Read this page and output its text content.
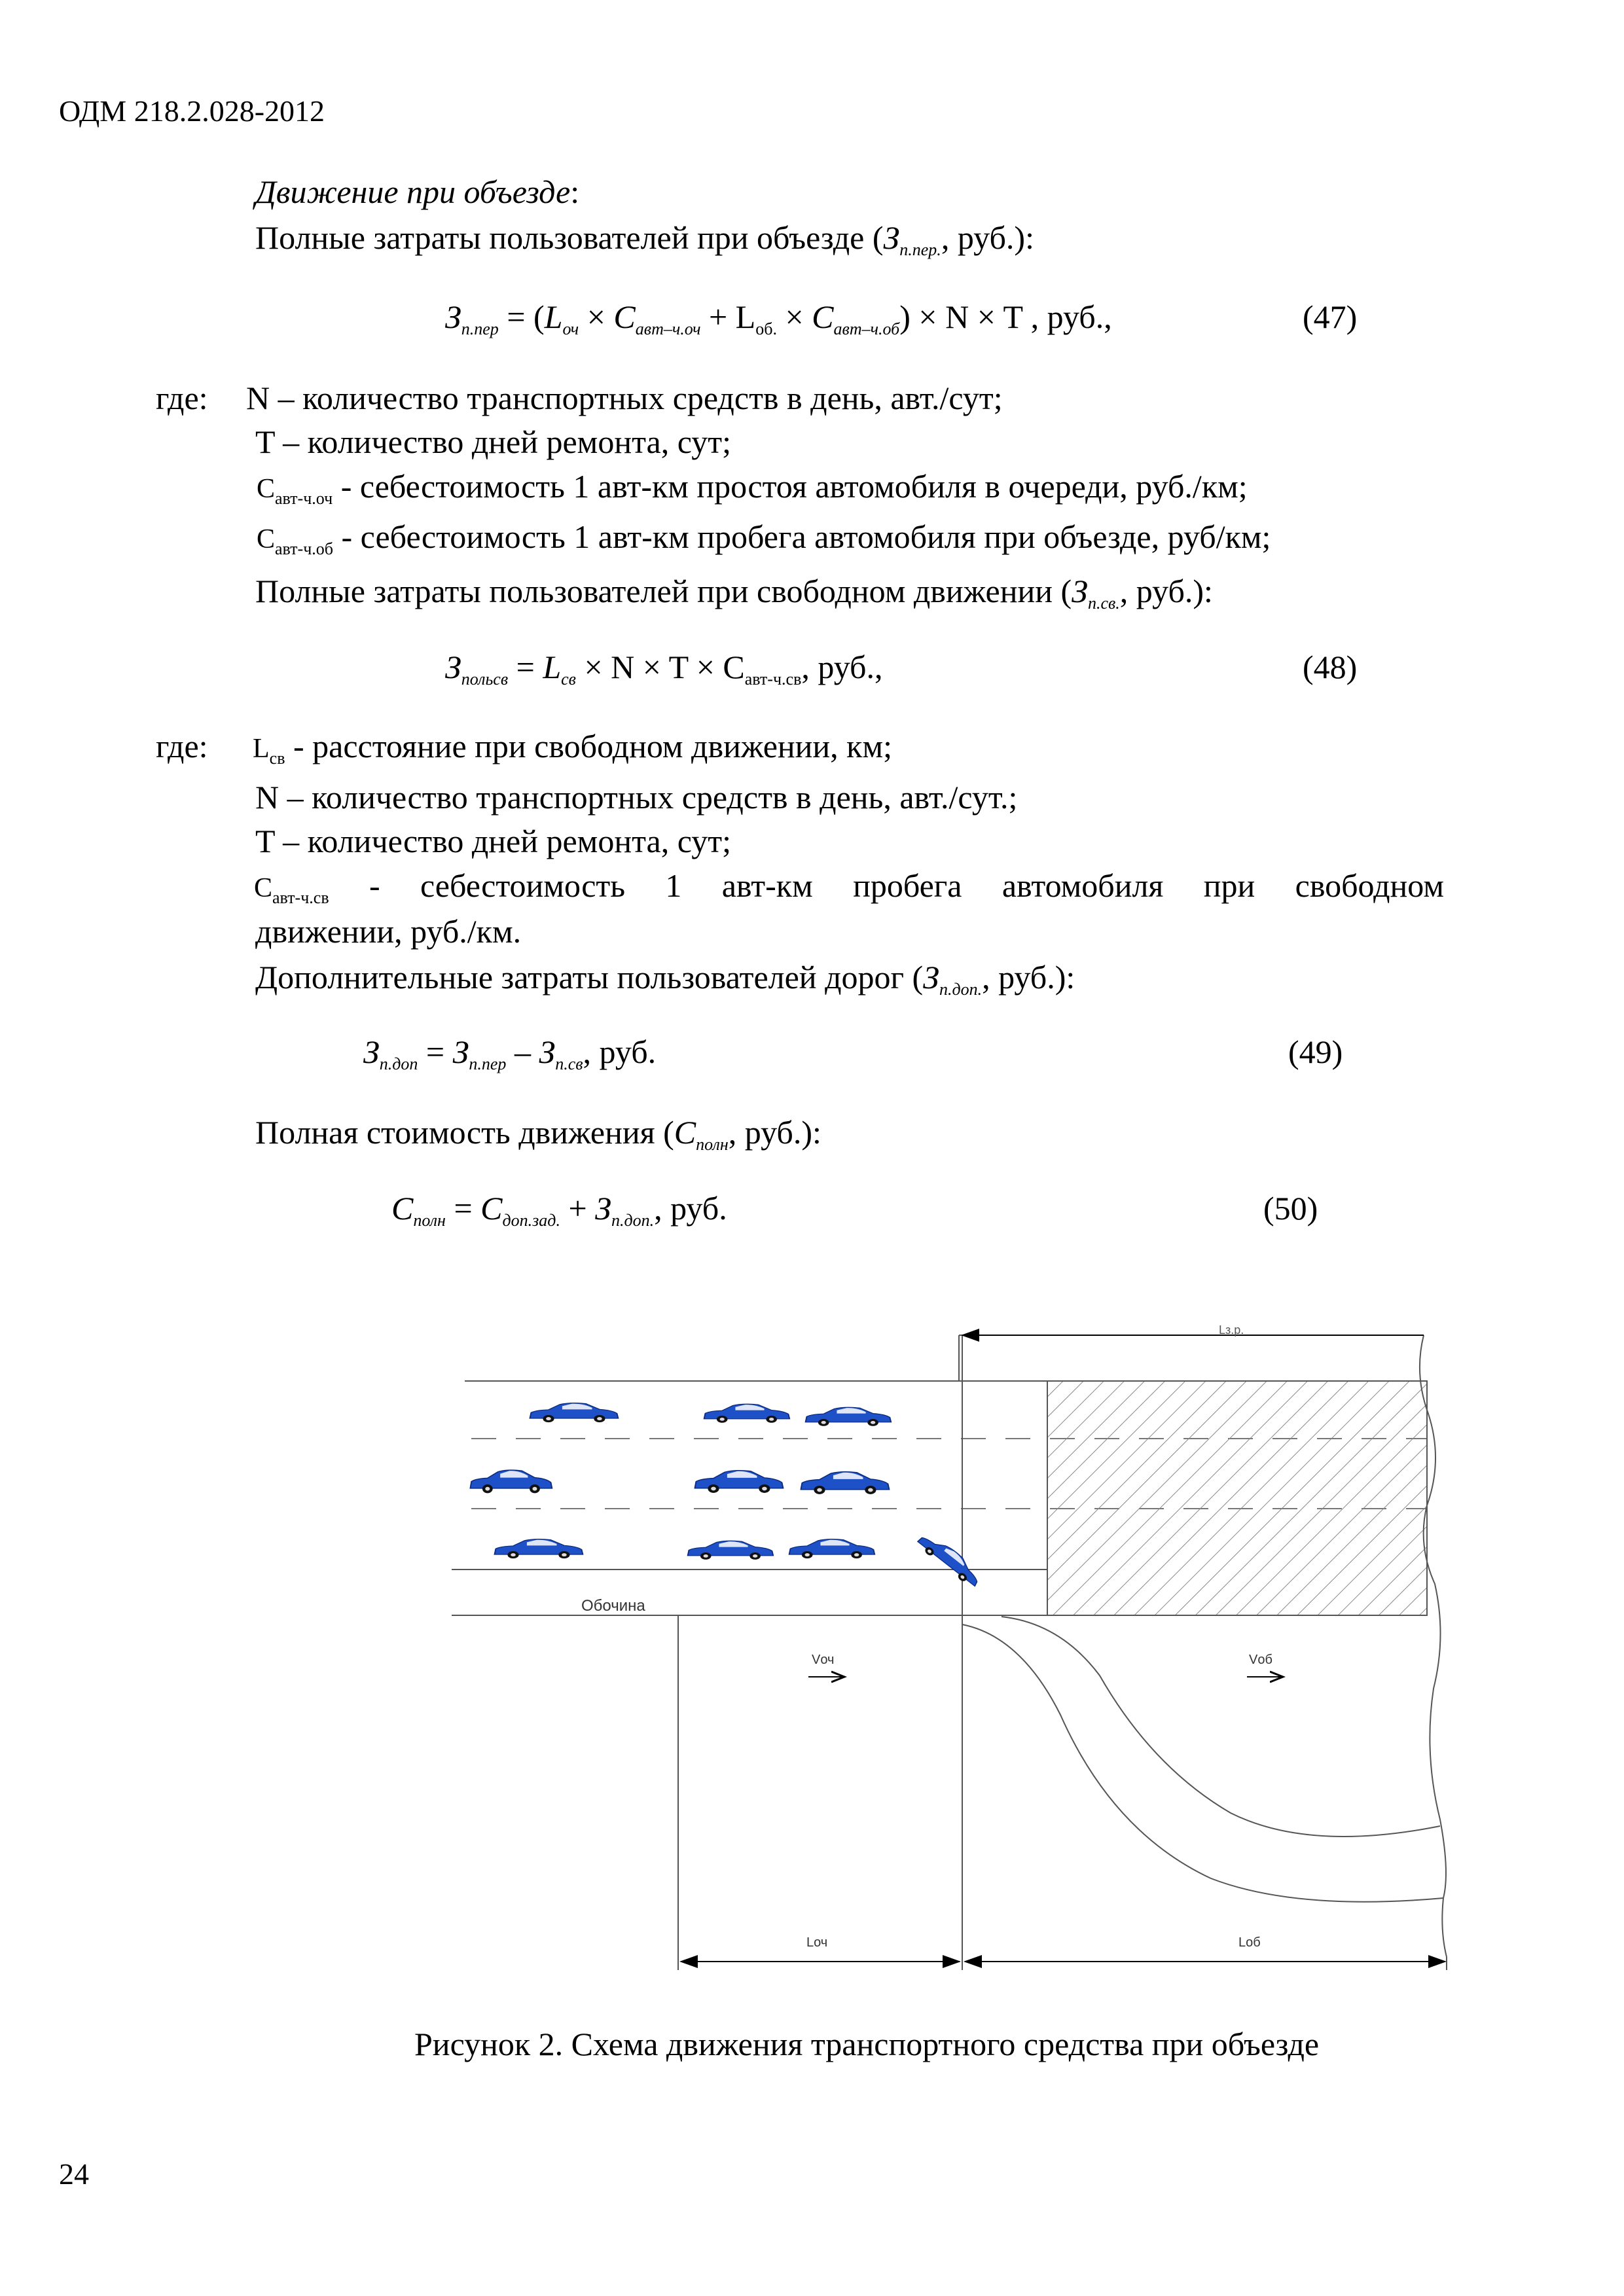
ОДМ 218.2.028-2012
Движение при объезде:
Полные затраты пользователей при объезде ($З_{п.пер.}$, руб.):
$З_{п.пер} = (L_{оч} \times C_{авт-ч.оч} + L_{об.} \times C_{авт-ч.об}) \times N \times T$ , руб.,	(47)
где: N – количество транспортных средств в день, авт./сут;
T – количество дней ремонта, сут;
$C_{авт-ч.оч}$ - себестоимость 1 авт-км простоя автомобиля в очереди, руб./км;
$C_{авт-ч.об}$ - себестоимость 1 авт-км пробега автомобиля при объезде, руб/км;
Полные затраты пользователей при свободном движении ($З_{п.св.}$, руб.):
$З_{польсв} = L_{св} \times N \times T \times C_{авт-ч.св}$, руб.,	(48)
где: $L_{св}$ - расстояние при свободном движении, км;
N – количество транспортных средств в день, авт./сут.;
T – количество дней ремонта, сут;
$C_{авт-ч.св}$ - себестоимость 1 авт-км пробега автомобиля при свободном
движении, руб./км.
Дополнительные затраты пользователей дорог ($З_{п.доп.}$, руб.):
$З_{п.доп} = З_{п.пер} - З_{п.св}$, руб.	(49)
Полная стоимость движения ($C_{полн}$, руб.):
$C_{полн} = C_{доп.зад.} + З_{п.доп.}$, руб.	(50)
Lз.р.
Обочина
Vоч	Vоб
Lоч	Lоб
Рисунок 2. Схема движения транспортного средства при объезде
24
